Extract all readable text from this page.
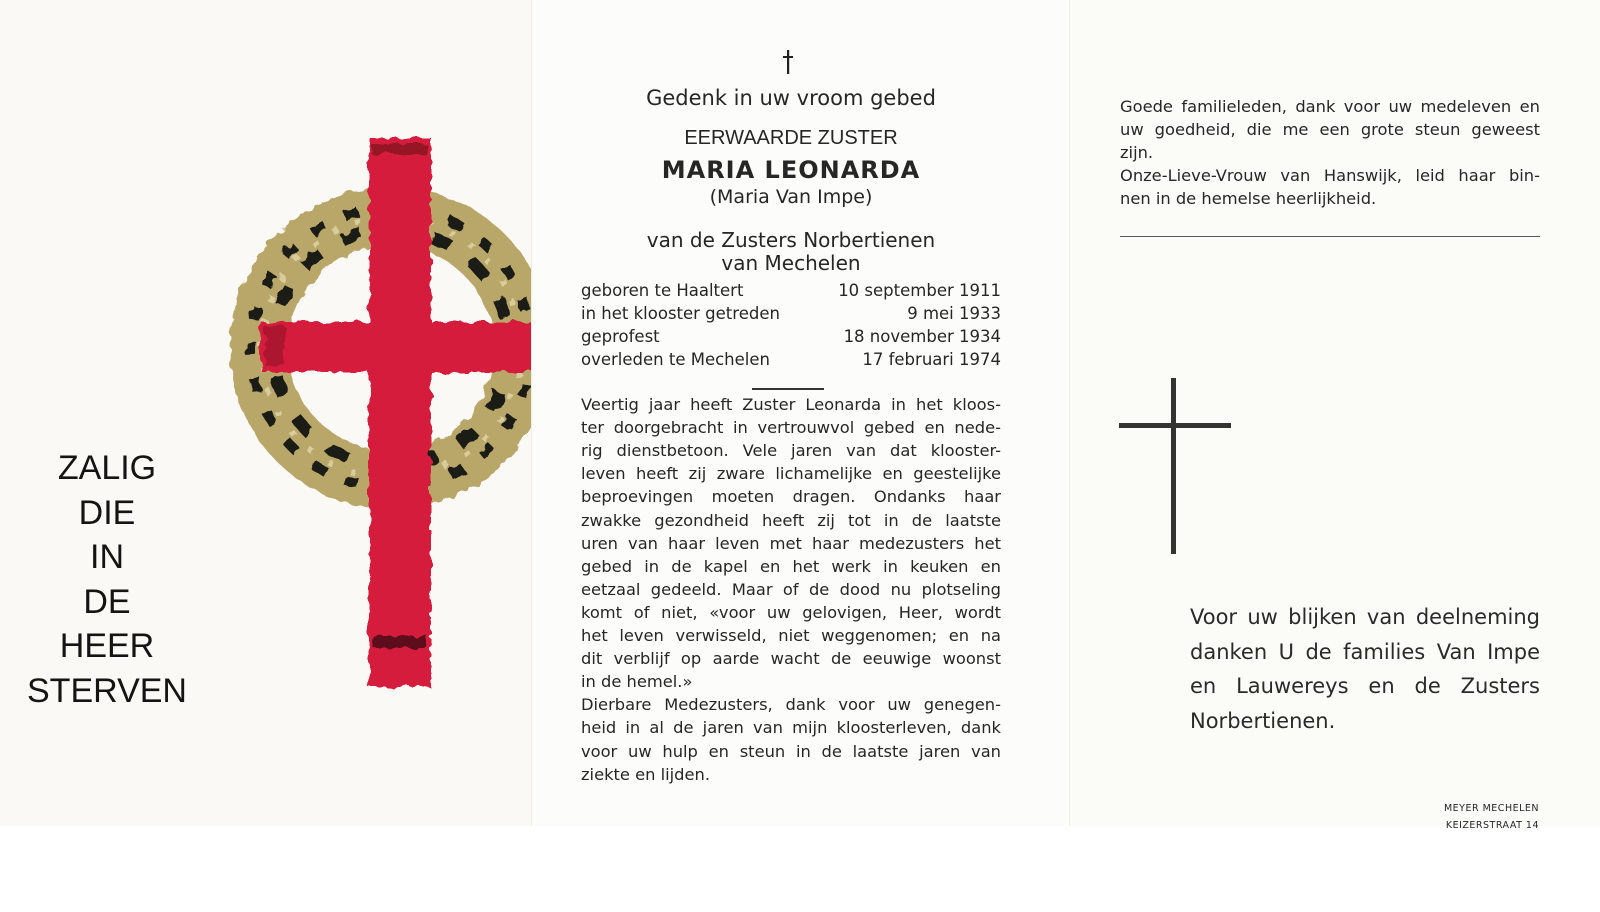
ZALIG
DIE
IN
DE
HEER
STERVEN
Gedenk in uw vroom gebed
EERWAARDE ZUSTER
MARIA LEONARDA
(Maria Van Impe)
van de Zusters Norbertienen
van Mechelen
geboren te Haaltert	10 september 1911
in het klooster getreden	9 mei 1933
geprofest	18 november 1934
overleden te Mechelen	17 februari 1974
Veertig jaar heeft Zuster Leonarda in het kloos-
ter doorgebracht in vertrouwvol gebed en nede-
rig dienstbetoon. Vele jaren van dat klooster-
leven heeft zij zware lichamelijke en geestelijke
beproevingen moeten dragen. Ondanks haar
zwakke gezondheid heeft zij tot in de laatste
uren van haar leven met haar medezusters het
gebed in de kapel en het werk in keuken en
eetzaal gedeeld. Maar of de dood nu plotseling
komt of niet, «voor uw gelovigen, Heer, wordt
het leven verwisseld, niet weggenomen; en na
dit verblijf op aarde wacht de eeuwige woonst
in de hemel.»
Dierbare Medezusters, dank voor uw genegen-
heid in al de jaren van mijn kloosterleven, dank
voor uw hulp en steun in de laatste jaren van
ziekte en lijden.
Goede familieleden, dank voor uw medeleven en
uw goedheid, die me een grote steun geweest
zijn.
Onze-Lieve-Vrouw van Hanswijk, leid haar bin-
nen in de hemelse heerlijkheid.
Voor uw blijken van deelneming
danken U de families Van Impe
en Lauwereys en de Zusters
Norbertienen.
MEYER MECHELEN
KEIZERSTRAAT 14
